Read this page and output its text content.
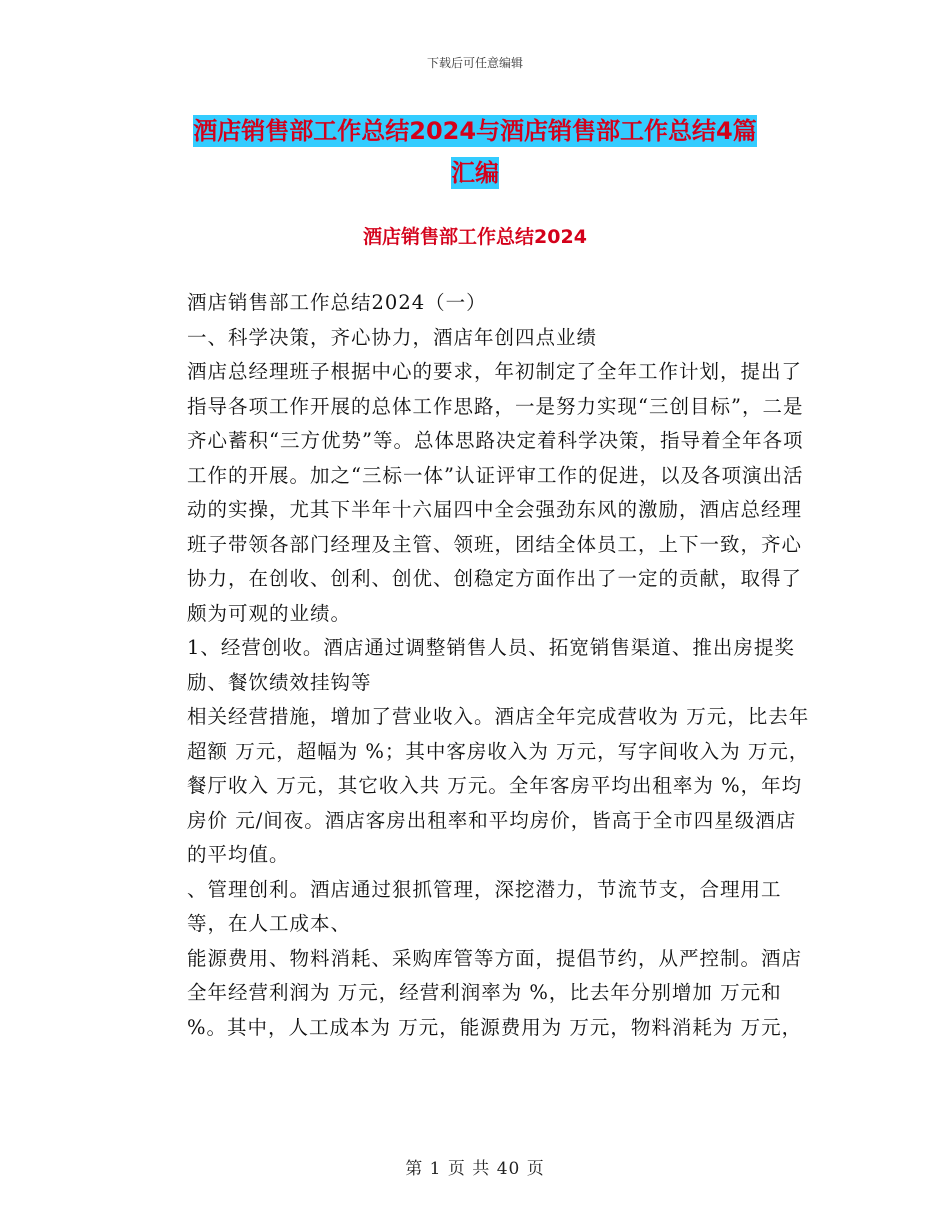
下载后可任意编辑
酒店销售部工作总结2024与酒店销售部工作总结4篇
汇编
酒店销售部工作总结2024

酒店销售部工作总结2024（一）

一、科学决策，齐心协力，酒店年创四点业绩

酒店总经理班子根据中心的要求，年初制定了全年工作计划，提出了指导各项工作开展的总体工作思路，一是努力实现“三创目标”，二是齐心蓄积“三方优势”等。总体思路决定着科学决策，指导着全年各项工作的开展。加之“三标一体”认证评审工作的促进，以及各项演出活动的实操，尤其下半年十六届四中全会强劲东风的激励，酒店总经理班子带领各部门经理及主管、领班，团结全体员工，上下一致，齐心协力，在创收、创利、创优、创稳定方面作出了一定的贡献，取得了颇为可观的业绩。

1、经营创收。酒店通过调整销售人员、拓宽销售渠道、推出房提奖励、餐饮绩效挂钩等

相关经营措施，增加了营业收入。酒店全年完成营收为 万元，比去年超额 万元，超幅为 %；其中客房收入为 万元，写字间收入为 万元，餐厅收入 万元，其它收入共 万元。全年客房平均出租率为 %，年均房价 元/间夜。酒店客房出租率和平均房价，皆高于全市四星级酒店的平均值。

、管理创利。酒店通过狠抓管理，深挖潜力，节流节支，合理用工等，在人工成本、

能源费用、物料消耗、采购库管等方面，提倡节约，从严控制。酒店全年经营利润为 万元，经营利润率为 %，比去年分别增加 万元和 %。其中，人工成本为 万元，能源费用为 万元，物料消耗为 万元，

第 1 页 共 40 页
